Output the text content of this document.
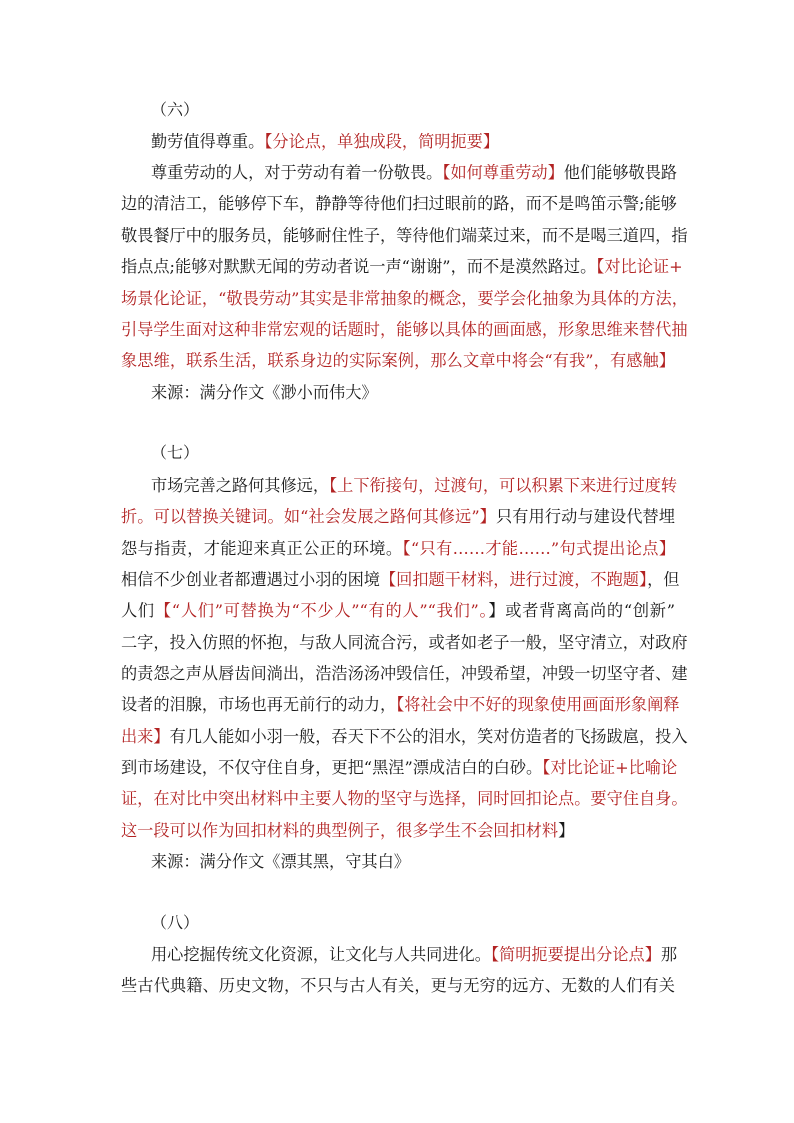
（六）
勤劳值得尊重。【分论点，单独成段，简明扼要】
尊重劳动的人，对于劳动有着一份敬畏。【如何尊重劳动】他们能够敬畏路
边的清洁工，能够停下车，静静等待他们扫过眼前的路，而不是鸣笛示警;能够
敬畏餐厅中的服务员，能够耐住性子，等待他们端菜过来，而不是喝三道四，指
指点点;能够对默默无闻的劳动者说一声“谢谢”，而不是漠然路过。【对比论证+
场景化论证，“敬畏劳动”其实是非常抽象的概念，要学会化抽象为具体的方法，
引导学生面对这种非常宏观的话题时，能够以具体的画面感，形象思维来替代抽
象思维，联系生活，联系身边的实际案例，那么文章中将会“有我”，有感触】
来源：满分作文《渺小而伟大》
（七）
市场完善之路何其修远，【上下衔接句，过渡句，可以积累下来进行过度转
折。可以替换关键词。如“社会发展之路何其修远”】只有用行动与建设代替埋
怨与指责，才能迎来真正公正的环境。【“只有……才能……”句式提出论点】
相信不少创业者都遭遇过小羽的困境【回扣题干材料，进行过渡，不跑题】，但
人们【“人们”可替换为“不少人”“有的人”“我们”。】或者背离高尚的“创新”
二字，投入仿照的怀抱，与敌人同流合污，或者如老子一般，坚守清立，对政府
的责怨之声从唇齿间淌出，浩浩汤汤冲毁信任，冲毁希望，冲毁一切坚守者、建
设者的泪腺，市场也再无前行的动力，【将社会中不好的现象使用画面形象阐释
出来】有几人能如小羽一般，吞天下不公的泪水，笑对仿造者的飞扬跋扈，投入
到市场建设，不仅守住自身，更把“黑涅”漂成洁白的白砂。【对比论证+比喻论
证，在对比中突出材料中主要人物的坚守与选择，同时回扣论点。要守住自身。
这一段可以作为回扣材料的典型例子，很多学生不会回扣材料】
来源：满分作文《漂其黑，守其白》
（八）
用心挖掘传统文化资源，让文化与人共同进化。【简明扼要提出分论点】那
些古代典籍、历史文物，不只与古人有关，更与无穷的远方、无数的人们有关
